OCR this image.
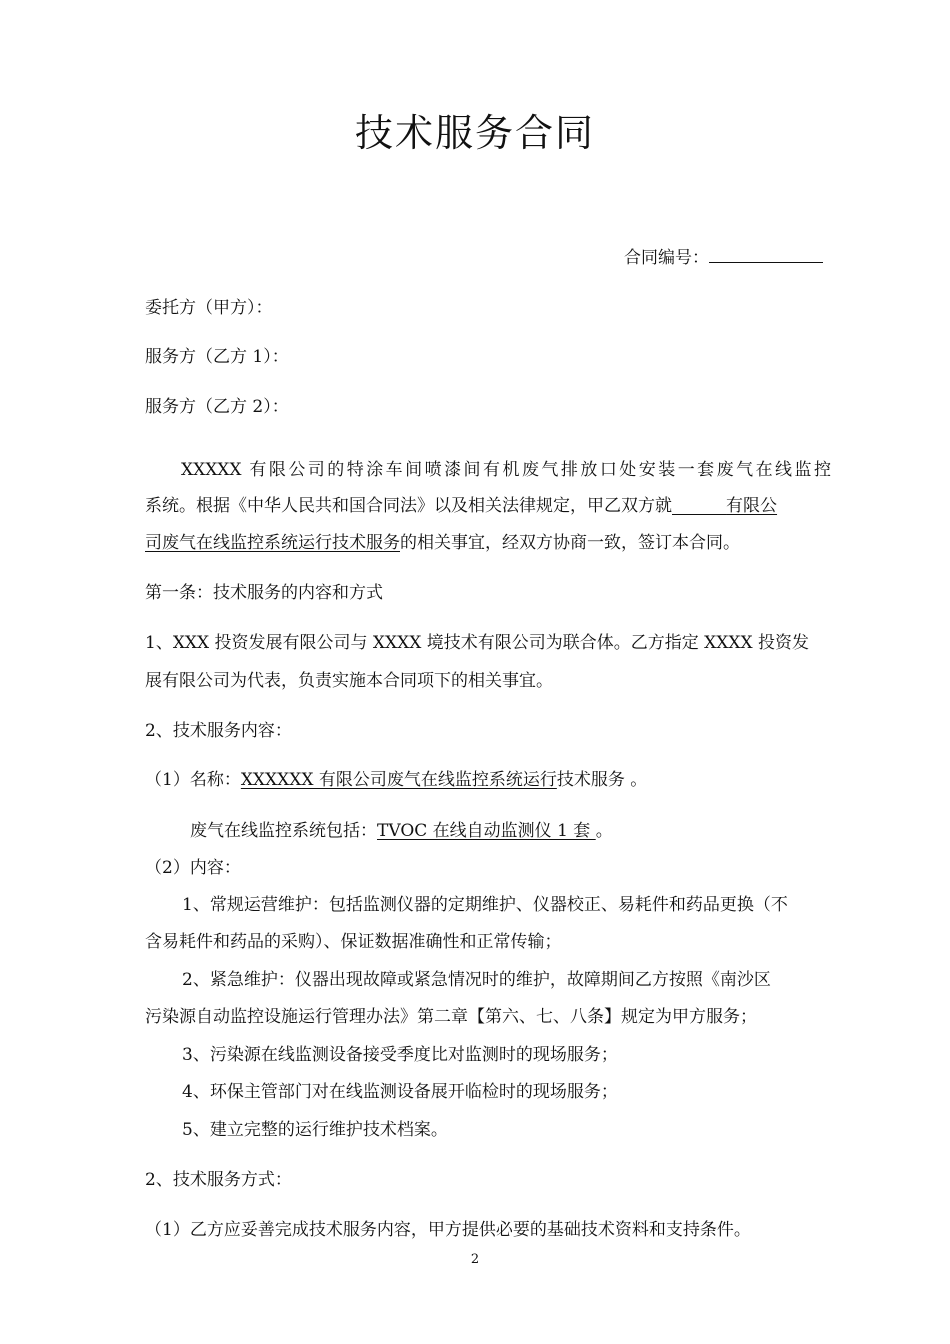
技术服务合同
合同编号：
委托方（甲方）：
服务方（乙方 1）：
服务方（乙方 2）：
XXXXX 有限公司的特涂车间喷漆间有机废气排放口处安装一套废气在线监控
系统。根据《中华人民共和国合同法》以及相关法律规定，甲乙双方就	有限公
司废气在线监控系统运行技术服务的相关事宜，经双方协商一致，签订本合同。
第一条：技术服务的内容和方式
1、XXX 投资发展有限公司与 XXXX 境技术有限公司为联合体。乙方指定 XXXX 投资发
展有限公司为代表，负责实施本合同项下的相关事宜。
2、技术服务内容：
（1）名称：XXXXXX 有限公司废气在线监控系统运行技术服务 。
废气在线监控系统包括：TVOC 在线自动监测仪 1 套 。
（2）内容：
1、常规运营维护：包括监测仪器的定期维护、仪器校正、易耗件和药品更换（不
含易耗件和药品的采购）、保证数据准确性和正常传输；
2、紧急维护：仪器出现故障或紧急情况时的维护，故障期间乙方按照《南沙区
污染源自动监控设施运行管理办法》第二章【第六、七、八条】规定为甲方服务；
3、污染源在线监测设备接受季度比对监测时的现场服务；
4、环保主管部门对在线监测设备展开临检时的现场服务；
5、建立完整的运行维护技术档案。
2、技术服务方式：
（1）乙方应妥善完成技术服务内容，甲方提供必要的基础技术资料和支持条件。
2
